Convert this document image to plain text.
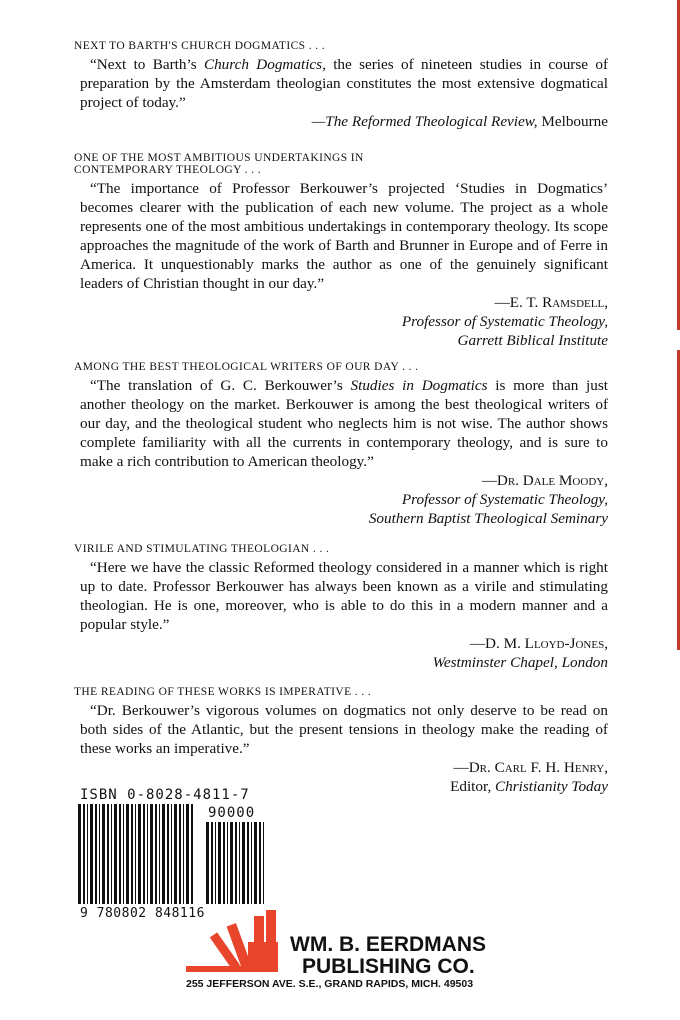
NEXT TO BARTH'S CHURCH DOGMATICS . . .

“Next to Barth’s Church Dogmatics, the series of nineteen studies in course of preparation by the Amsterdam theologian constitutes the most extensive dogmatical project of today.”

—The Reformed Theological Review, Melbourne

ONE OF THE MOST AMBITIOUS UNDERTAKINGS IN
CONTEMPORARY THEOLOGY . . .

“The importance of Professor Berkouwer’s projected ‘Studies in Dogmatics’ becomes clearer with the publication of each new volume. The project as a whole represents one of the most ambitious undertakings in contemporary theology. Its scope approaches the magnitude of the work of Barth and Brunner in Europe and of Ferre in America. It unquestionably marks the author as one of the genuinely significant leaders of Christian thought in our day.”

—E. T. Ramsdell,

Professor of Systematic Theology,

Garrett Biblical Institute

AMONG THE BEST THEOLOGICAL WRITERS OF OUR DAY . . .

“The translation of G. C. Berkouwer’s Studies in Dogmatics is more than just another theology on the market. Berkouwer is among the best theological writers of our day, and the theological student who neglects him is not wise. The author shows complete familiarity with all the currents in contemporary theology, and is sure to make a rich contribution to American theology.”

—Dr. Dale Moody,

Professor of Systematic Theology,

Southern Baptist Theological Seminary

VIRILE AND STIMULATING THEOLOGIAN . . .

“Here we have the classic Reformed theology considered in a manner which is right up to date. Professor Berkouwer has always been known as a virile and stimulating theologian. He is one, moreover, who is able to do this in a modern manner and a popular style.”

—D. M. Lloyd-Jones,

Westminster Chapel, London

THE READING OF THESE WORKS IS IMPERATIVE . . .

“Dr. Berkouwer’s vigorous volumes on dogmatics not only deserve to be read on both sides of the Atlantic, but the present tensions in theology make the reading of these works an imperative.”

—Dr. Carl F. H. Henry,

Editor, Christianity Today

ISBN 0-8028-4811-7
90000
9 780802 848116
WM. B. EERDMANS
PUBLISHING CO.
255 JEFFERSON AVE. S.E., GRAND RAPIDS, MICH. 49503
